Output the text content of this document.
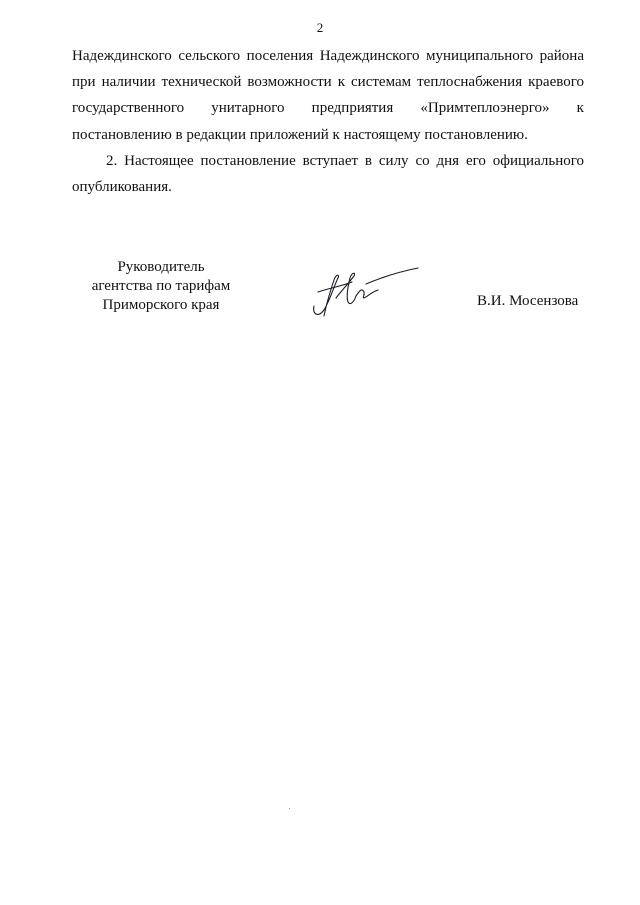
2
Надеждинского сельского поселения Надеждинского муниципального района
при наличии технической возможности к системам теплоснабжения краевого
государственного унитарного предприятия «Примтеплоэнерго» к
постановлению в редакции приложений к настоящему постановлению.
2. Настоящее постановление вступает в силу со дня его официального
опубликования.
Руководитель
агентства по тарифам
Приморского края	В.И. Мосензова
